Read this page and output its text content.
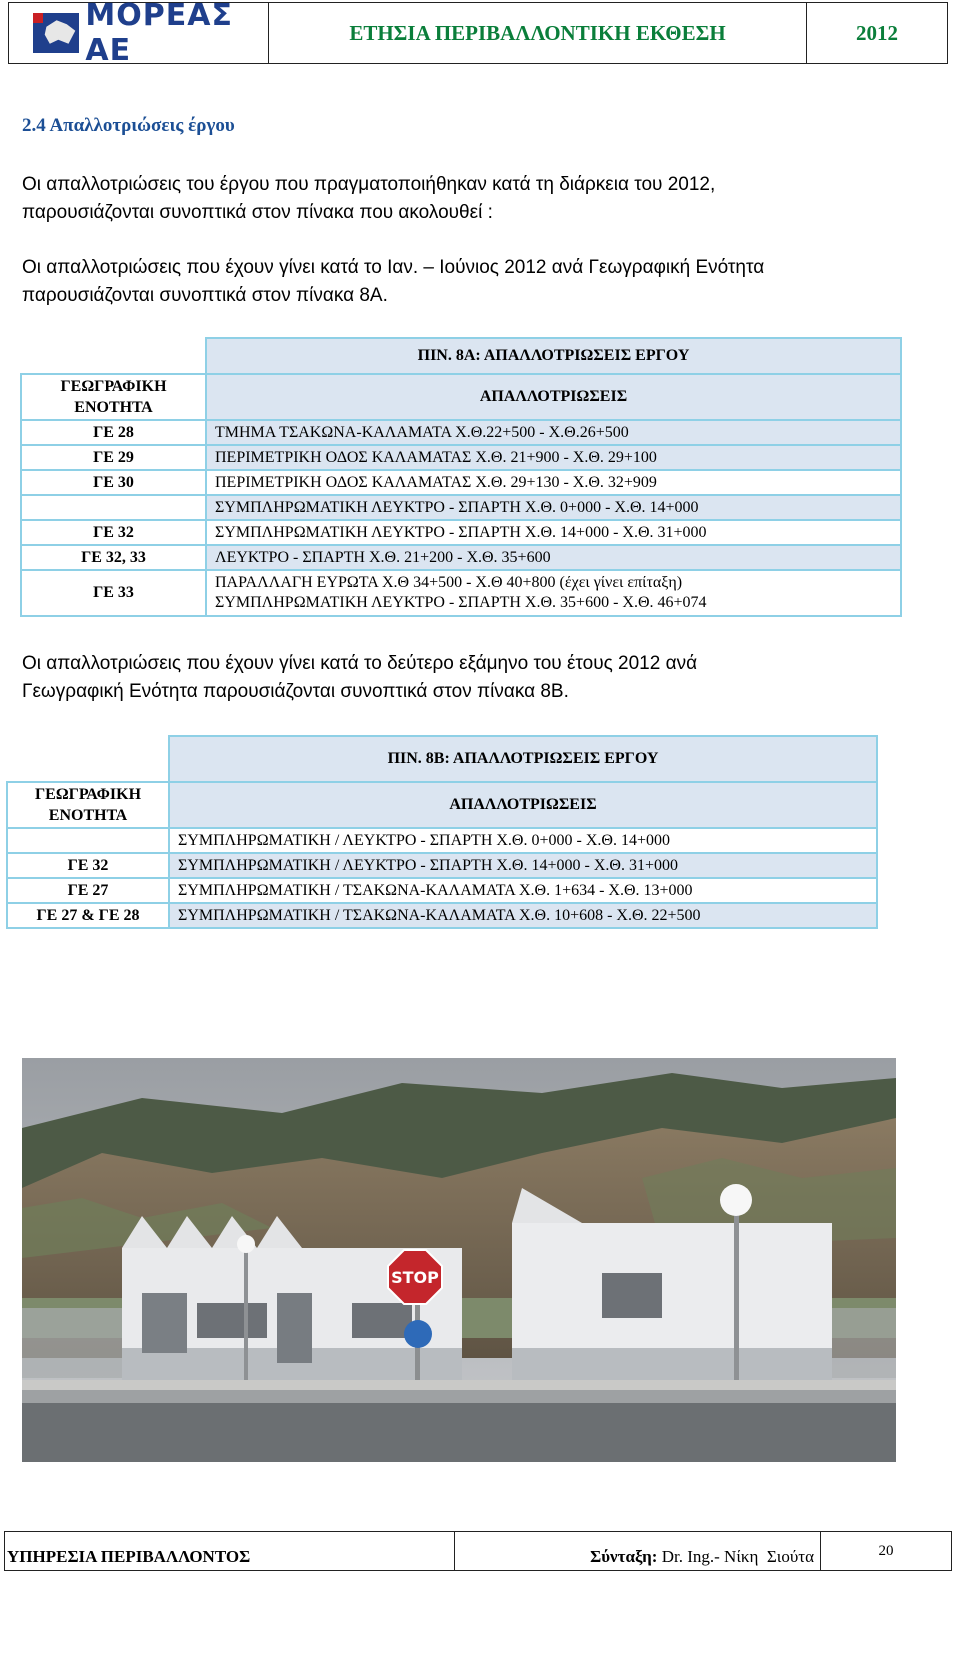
ΜΟΡΕΑΣ ΑΕ
ΕΤΗΣΙΑ ΠΕΡΙΒΑΛΛΟΝΤΙΚΗ ΕΚΘΕΣΗ	2012
2.4 Απαλλοτριώσεις έργου
Οι απαλλοτριώσεις του έργου που πραγματοποιήθηκαν κατά τη διάρκεια του 2012,
παρουσιάζονται συνοπτικά στον πίνακα που ακολουθεί :
Οι απαλλοτριώσεις που έχουν γίνει κατά το Ιαν. – Ιούνιος 2012 ανά Γεωγραφική Ενότητα
παρουσιάζονται συνοπτικά στον πίνακα 8Α.
	ΠΙΝ. 8Α: ΑΠΑΛΛΟΤΡΙΩΣΕΙΣ ΕΡΓΟΥ

ΓΕΩΓΡΑΦΙΚΗ
ΕΝΟΤΗΤΑ	ΑΠΑΛΛΟΤΡΙΩΣΕΙΣ
ΓΕ 28	ΤΜΗΜΑ ΤΣΑΚΩΝΑ-ΚΑΛΑΜΑΤΑ Χ.Θ.22+500 - Χ.Θ.26+500
ΓΕ 29	ΠΕΡΙΜΕΤΡΙΚΗ ΟΔΟΣ ΚΑΛΑΜΑΤΑΣ Χ.Θ. 21+900 - Χ.Θ. 29+100
ΓΕ 30	ΠΕΡΙΜΕΤΡΙΚΗ ΟΔΟΣ ΚΑΛΑΜΑΤΑΣ Χ.Θ. 29+130 - Χ.Θ. 32+909
	ΣΥΜΠΛΗΡΩΜΑΤΙΚΗ ΛΕΥΚΤΡΟ - ΣΠΑΡΤΗ Χ.Θ. 0+000 - Χ.Θ. 14+000
ΓΕ 32	ΣΥΜΠΛΗΡΩΜΑΤΙΚΗ ΛΕΥΚΤΡΟ - ΣΠΑΡΤΗ Χ.Θ. 14+000 - Χ.Θ. 31+000
ΓΕ 32, 33	ΛΕΥΚΤΡΟ - ΣΠΑΡΤΗ Χ.Θ. 21+200 - Χ.Θ. 35+600
ΓΕ 33	ΠΑΡΑΛΛΑΓΗ ΕΥΡΩΤΑ Χ.Θ 34+500 - Χ.Θ 40+800 (έχει γίνει επίταξη)
ΣΥΜΠΛΗΡΩΜΑΤΙΚΗ ΛΕΥΚΤΡΟ - ΣΠΑΡΤΗ Χ.Θ. 35+600 - Χ.Θ. 46+074
Οι απαλλοτριώσεις που έχουν γίνει κατά το δεύτερο εξάμηνο του έτους 2012 ανά
Γεωγραφική Ενότητα παρουσιάζονται συνοπτικά στον πίνακα 8Β.
	ΠΙΝ. 8Β: ΑΠΑΛΛΟΤΡΙΩΣΕΙΣ ΕΡΓΟΥ

ΓΕΩΓΡΑΦΙΚΗ
ΕΝΟΤΗΤΑ	ΑΠΑΛΛΟΤΡΙΩΣΕΙΣ
	ΣΥΜΠΛΗΡΩΜΑΤΙΚΗ / ΛΕΥΚΤΡΟ - ΣΠΑΡΤΗ Χ.Θ. 0+000 - Χ.Θ. 14+000
ΓΕ 32	ΣΥΜΠΛΗΡΩΜΑΤΙΚΗ / ΛΕΥΚΤΡΟ - ΣΠΑΡΤΗ Χ.Θ. 14+000 - Χ.Θ. 31+000
ΓΕ 27	ΣΥΜΠΛΗΡΩΜΑΤΙΚΗ / ΤΣΑΚΩΝΑ-ΚΑΛΑΜΑΤΑ Χ.Θ. 1+634 - Χ.Θ. 13+000
ΓΕ 27 & ΓΕ 28	ΣΥΜΠΛΗΡΩΜΑΤΙΚΗ / ΤΣΑΚΩΝΑ-ΚΑΛΑΜΑΤΑ Χ.Θ. 10+608 - Χ.Θ. 22+500
STOP
ΥΠΗΡΕΣΙΑ ΠΕΡΙΒΑΛΛΟΝΤΟΣ	Σύνταξη: Dr. Ing.- Νίκη  Σιούτα	20
